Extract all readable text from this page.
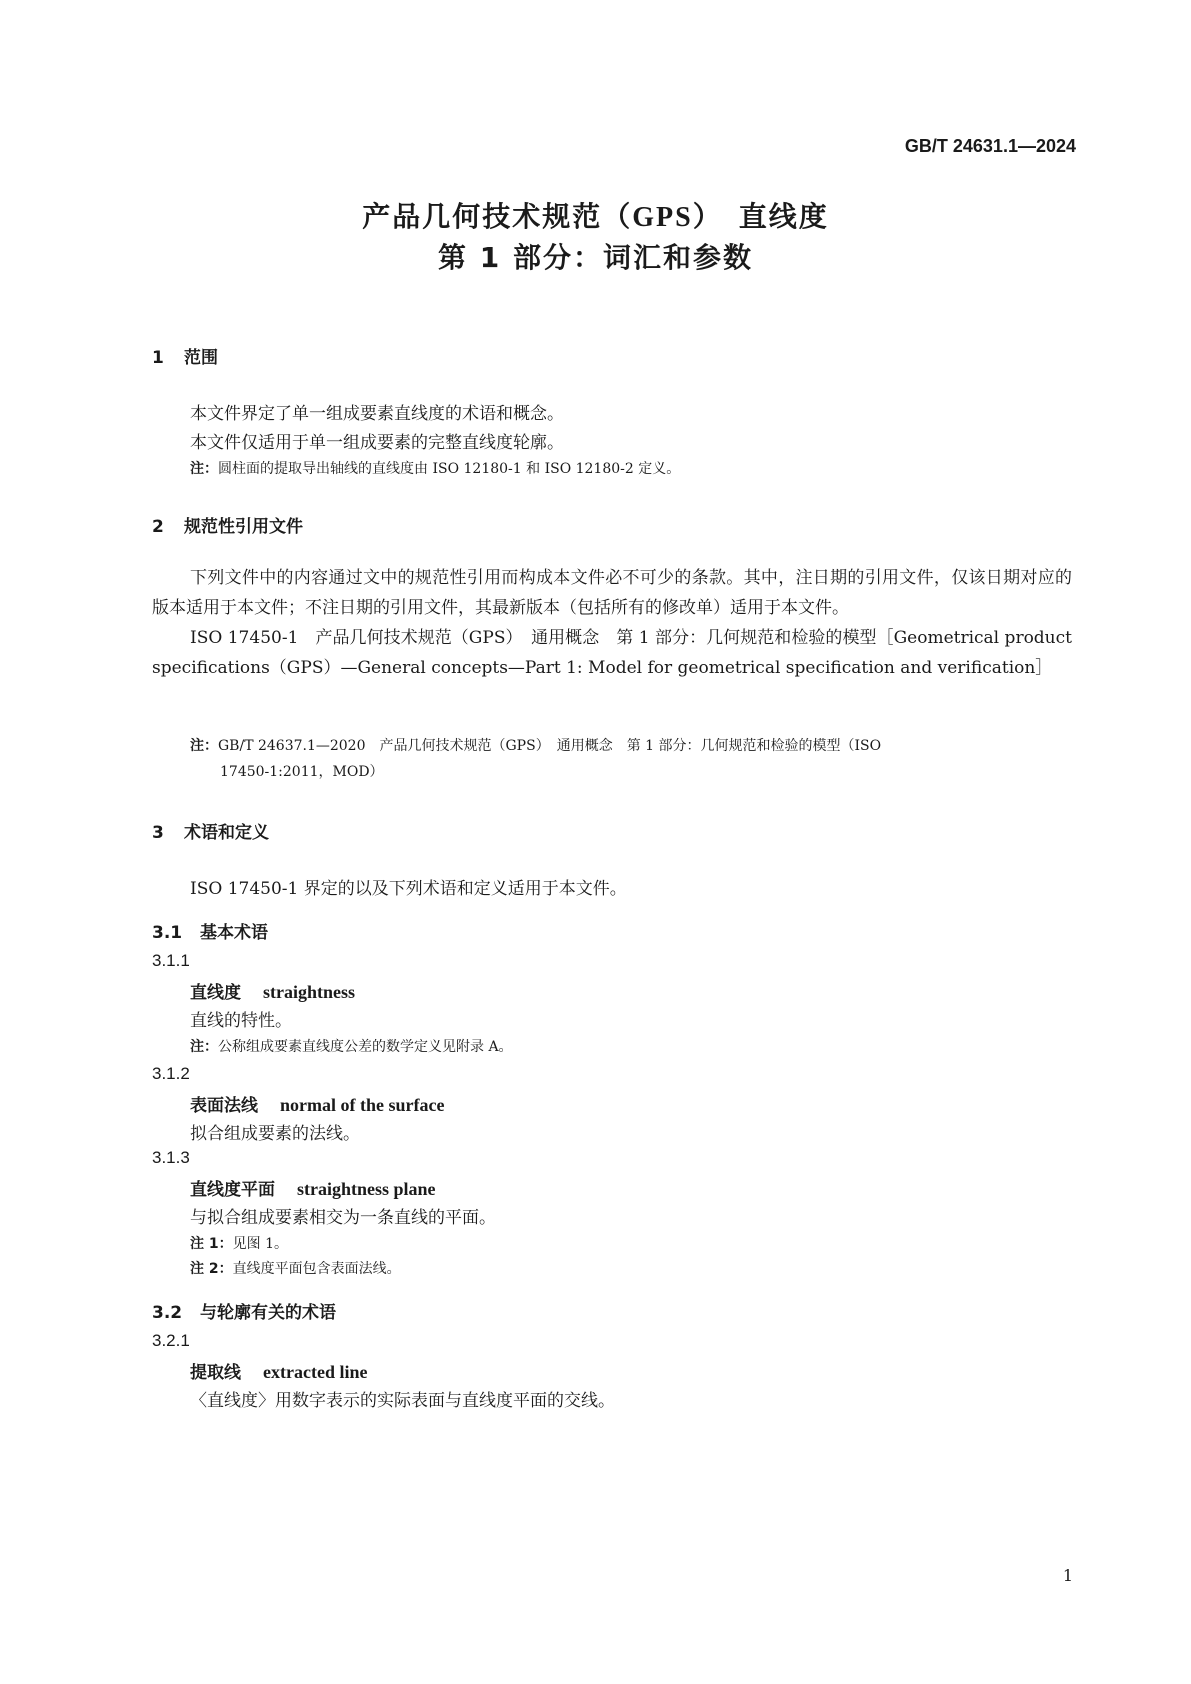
GB/T 24631.1—2024
产品几何技术规范（GPS）　直线度
第 1 部分：词汇和参数
1 范围
本文件界定了单一组成要素直线度的术语和概念。
本文件仅适用于单一组成要素的完整直线度轮廓。
注：圆柱面的提取导出轴线的直线度由 ISO 12180-1 和 ISO 12180-2 定义。
2 规范性引用文件

下列文件中的内容通过文中的规范性引用而构成本文件必不可少的条款。其中，注日期的引用文件，仅该日期对应的版本适用于本文件；不注日期的引用文件，其最新版本（包括所有的修改单）适用于本文件。

ISO 17450-1　产品几何技术规范（GPS）　通用概念　第 1 部分：几何规范和检验的模型［Geometrical product specifications（GPS）—General concepts—Part 1: Model for geometrical specification and verification］

注：GB/T 24637.1—2020　产品几何技术规范（GPS）　通用概念　第 1 部分：几何规范和检验的模型（ISO
17450-1:2011，MOD）
3 术语和定义
ISO 17450-1 界定的以及下列术语和定义适用于本文件。
3.1 基本术语
3.1.1
直线度 straightness
直线的特性。
注：公称组成要素直线度公差的数学定义见附录 A。
3.1.2
表面法线 normal of the surface
拟合组成要素的法线。
3.1.3
直线度平面 straightness plane
与拟合组成要素相交为一条直线的平面。
注 1：见图 1。
注 2：直线度平面包含表面法线。
3.2 与轮廓有关的术语
3.2.1
提取线 extracted line
〈直线度〉用数字表示的实际表面与直线度平面的交线。
1
